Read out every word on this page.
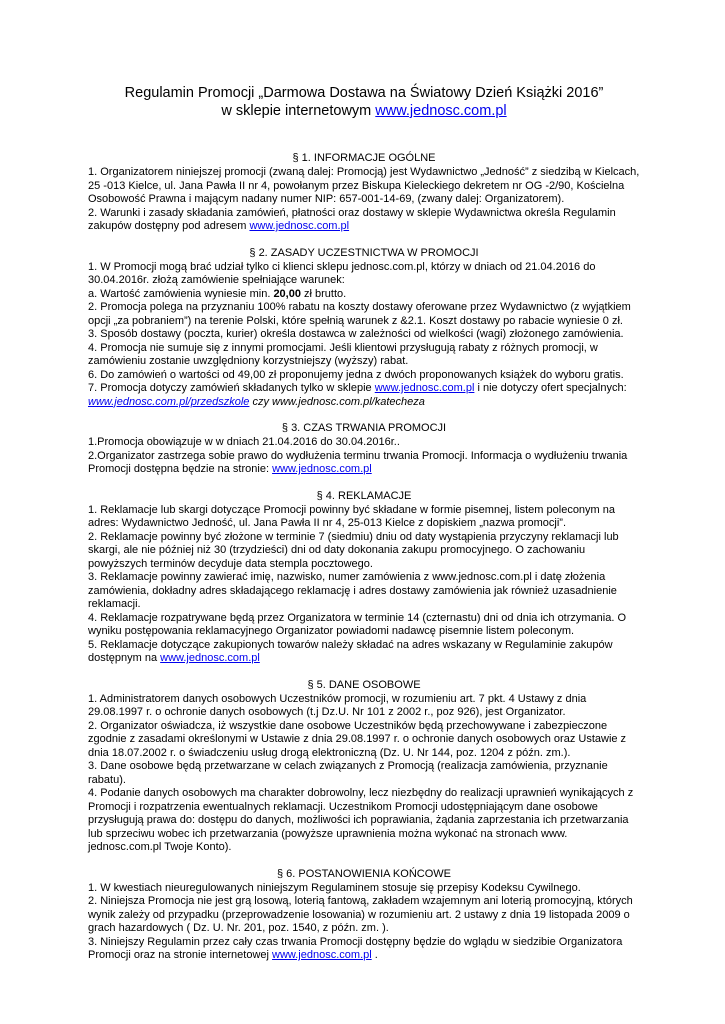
Regulamin Promocji „Darmowa Dostawa na Światowy Dzień Książki 2016”
w sklepie internetowym www.jednosc.com.pl
§ 1. INFORMACJE OGÓLNE

1. Organizatorem niniejszej promocji (zwaną dalej: Promocją) jest Wydawnictwo „Jedność” z siedzibą w Kielcach, 25 -013 Kielce, ul. Jana Pawła II nr 4, powołanym przez Biskupa Kieleckiego dekretem nr OG -2/90, Kościelna Osobowość Prawna i mającym nadany numer NIP: 657-001-14-69, (zwany dalej: Organizatorem).

2. Warunki i zasady składania zamówień, płatności oraz dostawy w sklepie Wydawnictwa określa Regulamin zakupów dostępny pod adresem www.jednosc.com.pl

§ 2. ZASADY UCZESTNICTWA W PROMOCJI

1. W Promocji mogą brać udział tylko ci klienci sklepu jednosc.com.pl, którzy w dniach od 21.04.2016 do 30.04.2016r. złożą zamówienie spełniające warunek:

a. Wartość zamówienia wyniesie min. 20,00 zł brutto.

2. Promocja polega na przyznaniu 100% rabatu na koszty dostawy oferowane przez Wydawnictwo (z wyjątkiem opcji „za pobraniem”) na terenie Polski, które spełnią warunek z &2.1. Koszt dostawy po rabacie wyniesie 0 zł.

3. Sposób dostawy (poczta, kurier) określa dostawca w zależności od wielkości (wagi) złożonego zamówienia.

4. Promocja nie sumuje się z innymi promocjami. Jeśli klientowi przysługują rabaty z różnych promocji, w zamówieniu zostanie uwzględniony korzystniejszy (wyższy) rabat.

6. Do zamówień o wartości od 49,00 zł proponujemy jedna z dwóch proponowanych książek do wyboru gratis.

7. Promocja dotyczy zamówień składanych tylko w sklepie www.jednosc.com.pl i nie dotyczy ofert specjalnych:
www.jednosc.com.pl/przedszkole czy www.jednosc.com.pl/katecheza

§ 3. CZAS TRWANIA PROMOCJI

1.Promocja obowiązuje w w dniach 21.04.2016 do 30.04.2016r..

2.Organizator zastrzega sobie prawo do wydłużenia terminu trwania Promocji. Informacja o wydłużeniu trwania Promocji dostępna będzie na stronie: www.jednosc.com.pl

§ 4. REKLAMACJE

1. Reklamacje lub skargi dotyczące Promocji powinny być składane w formie pisemnej, listem poleconym na adres: Wydawnictwo Jedność, ul. Jana Pawła II nr 4, 25-013 Kielce z dopiskiem „nazwa promocji”.

2. Reklamacje powinny być złożone w terminie 7 (siedmiu) dniu od daty wystąpienia przyczyny reklamacji lub skargi, ale nie później niż 30 (trzydzieści) dni od daty dokonania zakupu promocyjnego. O zachowaniu powyższych terminów decyduje data stempla pocztowego.

3. Reklamacje powinny zawierać imię, nazwisko, numer zamówienia z www.jednosc.com.pl i datę złożenia zamówienia, dokładny adres składającego reklamację i adres dostawy zamówienia jak również uzasadnienie reklamacji.

4. Reklamacje rozpatrywane będą przez Organizatora w terminie 14 (czternastu) dni od dnia ich otrzymania. O wyniku postępowania reklamacyjnego Organizator powiadomi nadawcę pisemnie listem poleconym.

5. Reklamacje dotyczące zakupionych towarów należy składać na adres wskazany w Regulaminie zakupów dostępnym na www.jednosc.com.pl

§ 5. DANE OSOBOWE

1. Administratorem danych osobowych Uczestników promocji, w rozumieniu art. 7 pkt. 4 Ustawy z dnia 29.08.1997 r. o ochronie danych osobowych (t.j Dz.U. Nr 101 z 2002 r., poz 926), jest Organizator.

2. Organizator oświadcza, iż wszystkie dane osobowe Uczestników będą przechowywane i zabezpieczone zgodnie z zasadami określonymi w Ustawie z dnia 29.08.1997 r. o ochronie danych osobowych oraz Ustawie z dnia 18.07.2002 r. o świadczeniu usług drogą elektroniczną (Dz. U. Nr 144, poz. 1204 z późn. zm.).

3. Dane osobowe będą przetwarzane w celach związanych z Promocją (realizacja zamówienia, przyznanie rabatu).

4. Podanie danych osobowych ma charakter dobrowolny, lecz niezbędny do realizacji uprawnień wynikających z Promocji i rozpatrzenia ewentualnych reklamacji. Uczestnikom Promocji udostępniającym dane osobowe przysługują prawa do: dostępu do danych, możliwości ich poprawiania, żądania zaprzestania ich przetwarzania lub sprzeciwu wobec ich przetwarzania (powyższe uprawnienia można wykonać na stronach www. jednosc.com.pl Twoje Konto).

§ 6. POSTANOWIENIA KOŃCOWE

1. W kwestiach nieuregulowanych niniejszym Regulaminem stosuje się przepisy Kodeksu Cywilnego.

2. Niniejsza Promocja nie jest grą losową, loterią fantową, zakładem wzajemnym ani loterią promocyjną, których wynik zależy od przypadku (przeprowadzenie losowania) w rozumieniu art. 2 ustawy z dnia 19 listopada 2009 o grach hazardowych ( Dz. U. Nr. 201, poz. 1540, z późn. zm. ).

3. Niniejszy Regulamin przez cały czas trwania Promocji dostępny będzie do wglądu w siedzibie Organizatora Promocji oraz na stronie internetowej www.jednosc.com.pl .
